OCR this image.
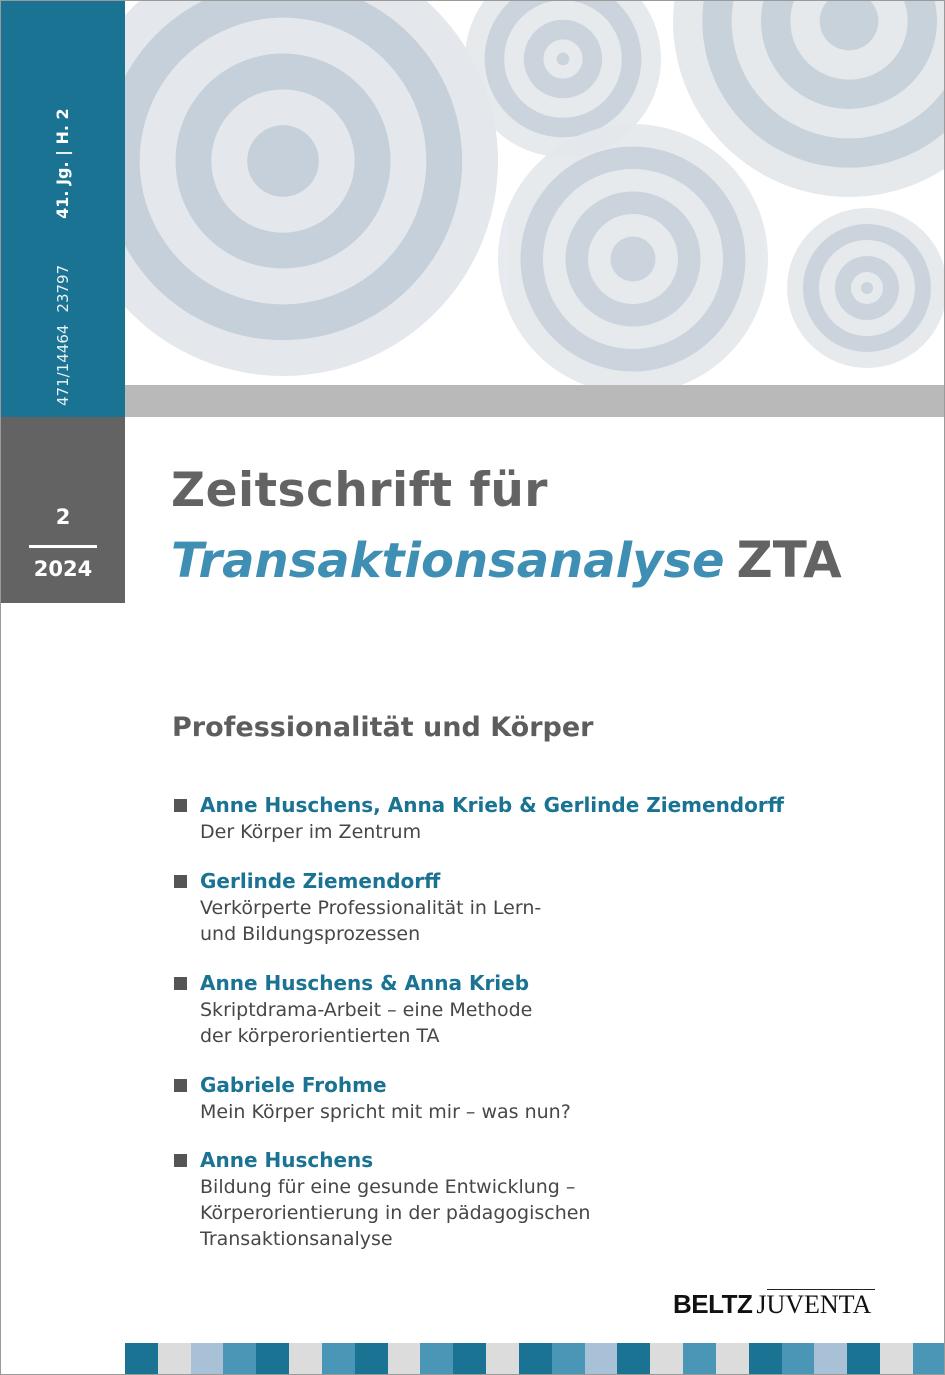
471/144642379741. Jg. | H. 2
2
2024
Zeitschrift für
Transaktionsanalyse ZTA
Professionalität und Körper
Anne Huschens, Anna Krieb & Gerlinde Ziemendorff
Der Körper im Zentrum
Gerlinde Ziemendorff
Verkörperte Professionalität in Lern-
und Bildungsprozessen
Anne Huschens & Anna Krieb
Skriptdrama-Arbeit – eine Methode
der körperorientierten TA
Gabriele Frohme
Mein Körper spricht mit mir – was nun?
Anne Huschens
Bildung für eine gesunde Entwicklung –
Körperorientierung in der pädagogischen
Transaktionsanalyse
BELTZ JUVENTA
